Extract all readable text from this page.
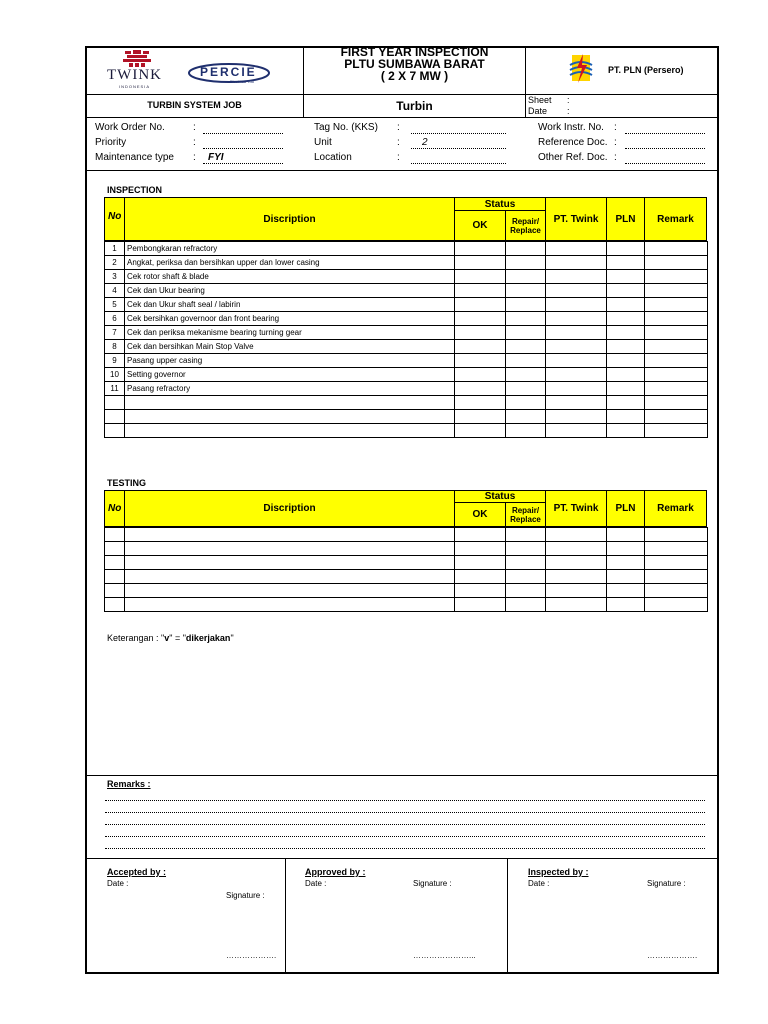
TWINK
INDONESIA
PERCIE
Electrical Tuö
FIRST YEAR INSPECTION
PLTU SUMBAWA BARAT
( 2 X 7 MW )	PT. PLN (Persero)
TURBIN SYSTEM JOB	Turbin	Sheet :
Date :
Work Order No.	:
Priority	:
Maintenance type : FYI
Tag No. (KKS) :
Unit	: 2
Location	:
Work Instr. No. :
Reference Doc. :
Other Ref. Doc. :
INSPECTION
No	Discription
Status
OK	Repair/
Replace
PT. Twink	PLN	Remark
1	Pembongkaran refractory					
2	Angkat, periksa dan bersihkan upper dan lower casing					
3	Cek rotor shaft & blade					
4	Cek dan Ukur bearing					
5	Cek dan Ukur shaft seal / labirin					
6	Cek bersihkan governoor dan front bearing					
7	Cek dan periksa mekanisme bearing turning gear					
8	Cek dan bersihkan Main Stop Valve					
9	Pasang upper casing					
10	Setting governor					
11	Pasang refractory					

TESTING
No	Discription
Status
OK	Repair/
Replace
PT. Twink	PLN	Remark

Keterangan : "v" = "dikerjakan"
Remarks :
Accepted by :
Date :
Signature :
……………….
Approved by :
Date :	Signature :
…………………...
Inspected by :
Date :	Signature :
……………….
